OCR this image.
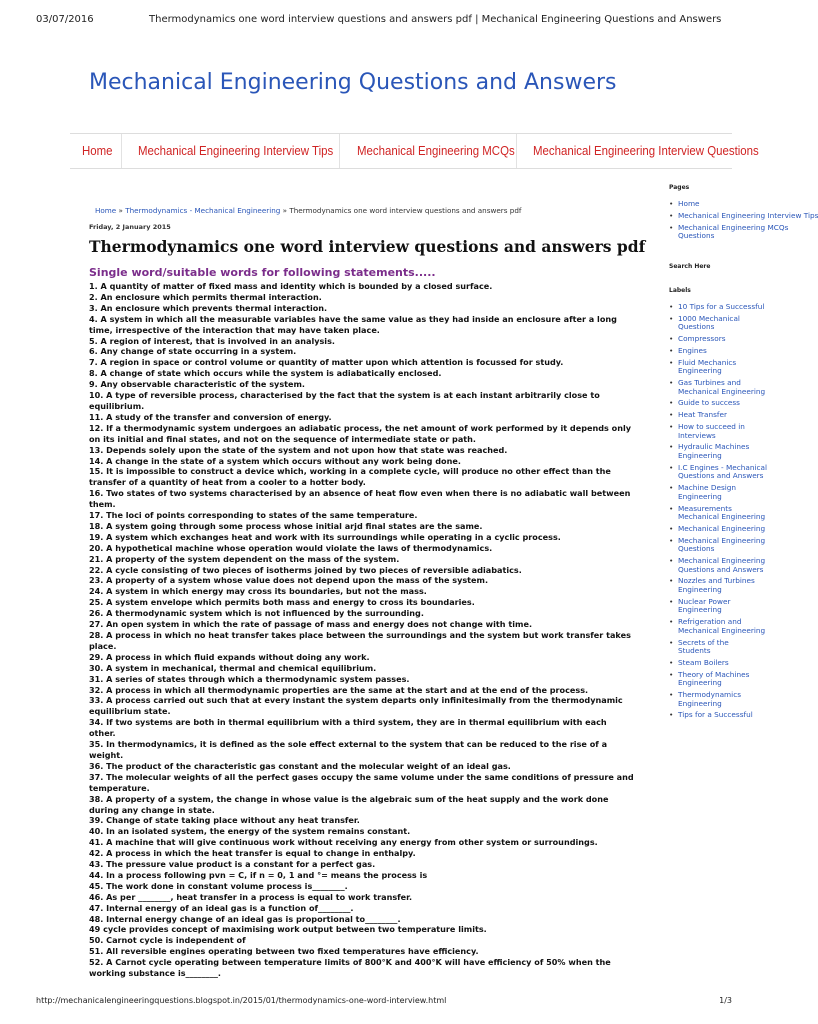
03/07/2016	Thermodynamics one word interview questions and answers pdf | Mechanical Engineering Questions and Answers
Mechanical Engineering Questions and Answers
Home Mechanical Engineering Interview Tips Mechanical Engineering MCQs Mechanical Engineering Interview Questions
Home » Thermodynamics - Mechanical Engineering » Thermodynamics one word interview questions and answers pdf
Friday, 2 January 2015
Thermodynamics one word interview questions and answers pdf
Single word/suitable words for following statements.....
1. A quantity of matter of fixed mass and identity which is bounded by a closed surface.
2. An enclosure which permits thermal interaction.
3. An enclosure which prevents thermal interaction.
4. A system in which all the measurable variables have the same value as they had inside an enclosure after a long time, irrespective of the interaction that may have taken place.
5. A region of interest, that is involved in an analysis.
6. Any change of state occurring in a system.
7. A region in space or control volume or quantity of matter upon which attention is focussed for study.
8. A change of state which occurs while the system is adiabatically enclosed.
9. Any observable characteristic of the system.
10. A type of reversible process, characterised by the fact that the system is at each instant arbitrarily close to equilibrium.
11. A study of the transfer and conversion of energy.
12. If a thermodynamic system undergoes an adiabatic process, the net amount of work performed by it depends only on its initial and final states, and not on the sequence of intermediate state or path.
13. Depends solely upon the state of the system and not upon how that state was reached.
14. A change in the state of a system which occurs without any work being done.
15. It is impossible to construct a device which, working in a complete cycle, will produce no other effect than the transfer of a quantity of heat from a cooler to a hotter body.
16. Two states of two systems characterised by an absence of heat flow even when there is no adiabatic wall between them.
17. The loci of points corresponding to states of the same temperature.
18. A system going through some process whose initial arjd final states are the same.
19. A system which exchanges heat and work with its surroundings while operating in a cyclic process.
20. A hypothetical machine whose operation would violate the laws of thermodynamics.
21. A property of the system dependent on the mass of the system.
22. A cycle consisting of two pieces of isotherms joined by two pieces of reversible adiabatics.
23. A property of a system whose value does not depend upon the mass of the system.
24. A system in which energy may cross its boundaries, but not the mass.
25. A system envelope which permits both mass and energy to cross its boundaries.
26. A thermodynamic system which is not influenced by the surrounding.
27. An open system in which the rate of passage of mass and energy does not change with time.
28. A process in which no heat transfer takes place between the surroundings and the system but work transfer takes place.
29. A process in which fluid expands without doing any work.
30. A system in mechanical, thermal and chemical equilibrium.
31. A series of states through which a thermodynamic system passes.
32. A process in which all thermodynamic properties are the same at the start and at the end of the process.
33. A process carried out such that at every instant the system departs only infinitesimally from the thermodynamic equilibrium state.
34. If two systems are both in thermal equilibrium with a third system, they are in thermal equilibrium with each other.
35. In thermodynamics, it is defined as the sole effect external to the system that can be reduced to the rise of a weight.
36. The product of the characteristic gas constant and the molecular weight of an ideal gas.
37. The molecular weights of all the perfect gases occupy the same volume under the same conditions of pressure and temperature.
38. A property of a system, the change in whose value is the algebraic sum of the heat supply and the work done during any change in state.
39. Change of state taking place without any heat transfer.
40. In an isolated system, the energy of the system remains constant.
41. A machine that will give continuous work without receiving any energy from other system or surroundings.
42. A process in which the heat transfer is equal to change in enthalpy.
43. The pressure value product is a constant for a perfect gas.
44. In a process following pvn = C, if n = 0, 1 and °= means the process is
45. The work done in constant volume process is________.
46. As per ________, heat transfer in a process is equal to work transfer.
47. Internal energy of an ideal gas is a function of________.
48. Internal energy change of an ideal gas is proportional to________.
49 cycle provides concept of maximising work output between two temperature limits.
50. Carnot cycle is independent of
51. All reversible engines operating between two fixed temperatures have efficiency.
52. A Carnot cycle operating between temperature limits of 800°K and 400°K will have efficiency of 50% when the working substance is________.
Pages
• Home
• Mechanical Engineering Interview Tips
• Mechanical Engineering MCQs
Questions
Search Here
Labels
• 10 Tips for a Successful
• 1000 Mechanical
Questions
• Compressors
• Engines
• Fluid Mechanics
Engineering
• Gas Turbines and
Mechanical Engineering
• Guide to success
• Heat Transfer
• How to succeed in
Interviews
• Hydraulic Machines
Engineering
• I.C Engines - Mechanical
Questions and Answers
• Machine Design
Engineering
• Measurements
Mechanical Engineering
• Mechanical Engineering
• Mechanical Engineering
Questions
• Mechanical Engineering
Questions and Answers
• Nozzles and Turbines
Engineering
• Nuclear Power
Engineering
• Refrigeration and
Mechanical Engineering
• Secrets of the
Students
• Steam Boilers
• Theory of Machines
Engineering
• Thermodynamics
Engineering
• Tips for a Successful
http://mechanicalengineeringquestions.blogspot.in/2015/01/thermodynamics-one-word-interview.html	1/3
